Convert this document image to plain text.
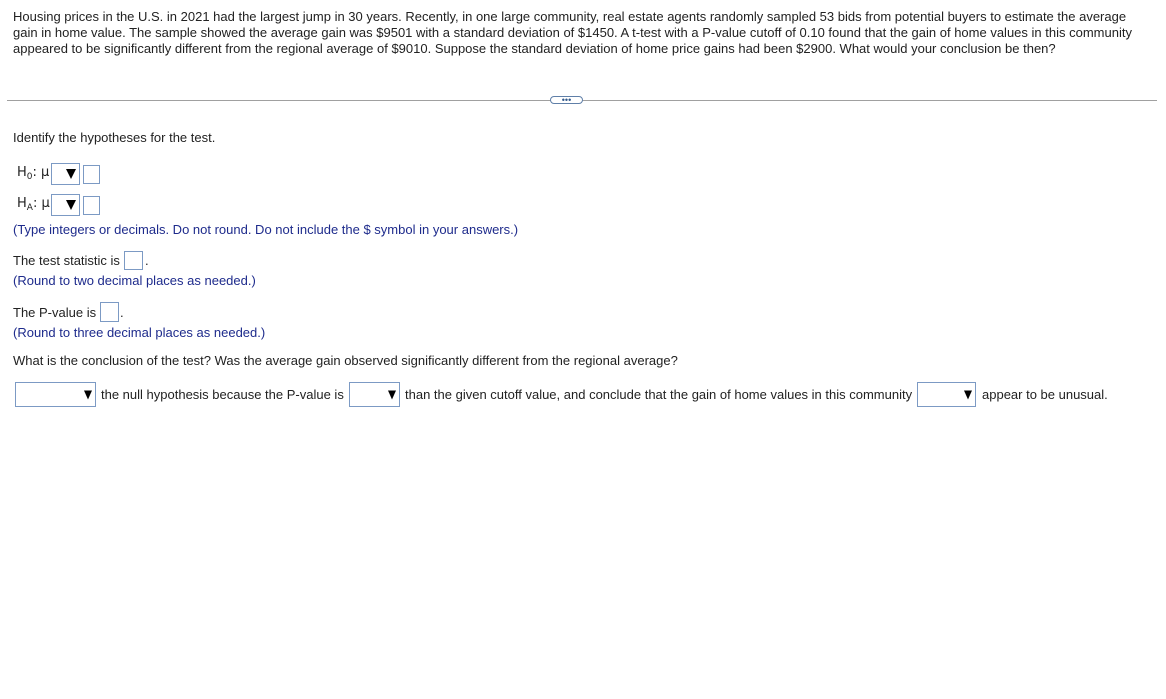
Housing prices in the U.S. in 2021 had the largest jump in 30 years. Recently, in one large community, real estate agents randomly sampled 53 bids from potential buyers to estimate the average gain in home value. The sample showed the average gain was $9501 with a standard deviation of $1450. A t-test with a P-value cutoff of 0.10 found that the gain of home values in this community appeared to be significantly different from the regional average of $9010. Suppose the standard deviation of home price gains had been $2900. What would your conclusion be then?
•••
Identify the hypotheses for the test.
$H_0$: μ
$H_A$: μ
(Type integers or decimals. Do not round. Do not include the $ symbol in your answers.)
The test statistic is .
(Round to two decimal places as needed.)
The P-value is .
(Round to three decimal places as needed.)
What is the conclusion of the test? Was the average gain observed significantly different from the regional average?
the null hypothesis because the P-value is	than the given cutoff value, and conclude that the gain of home values in this community	appear to be unusual.
